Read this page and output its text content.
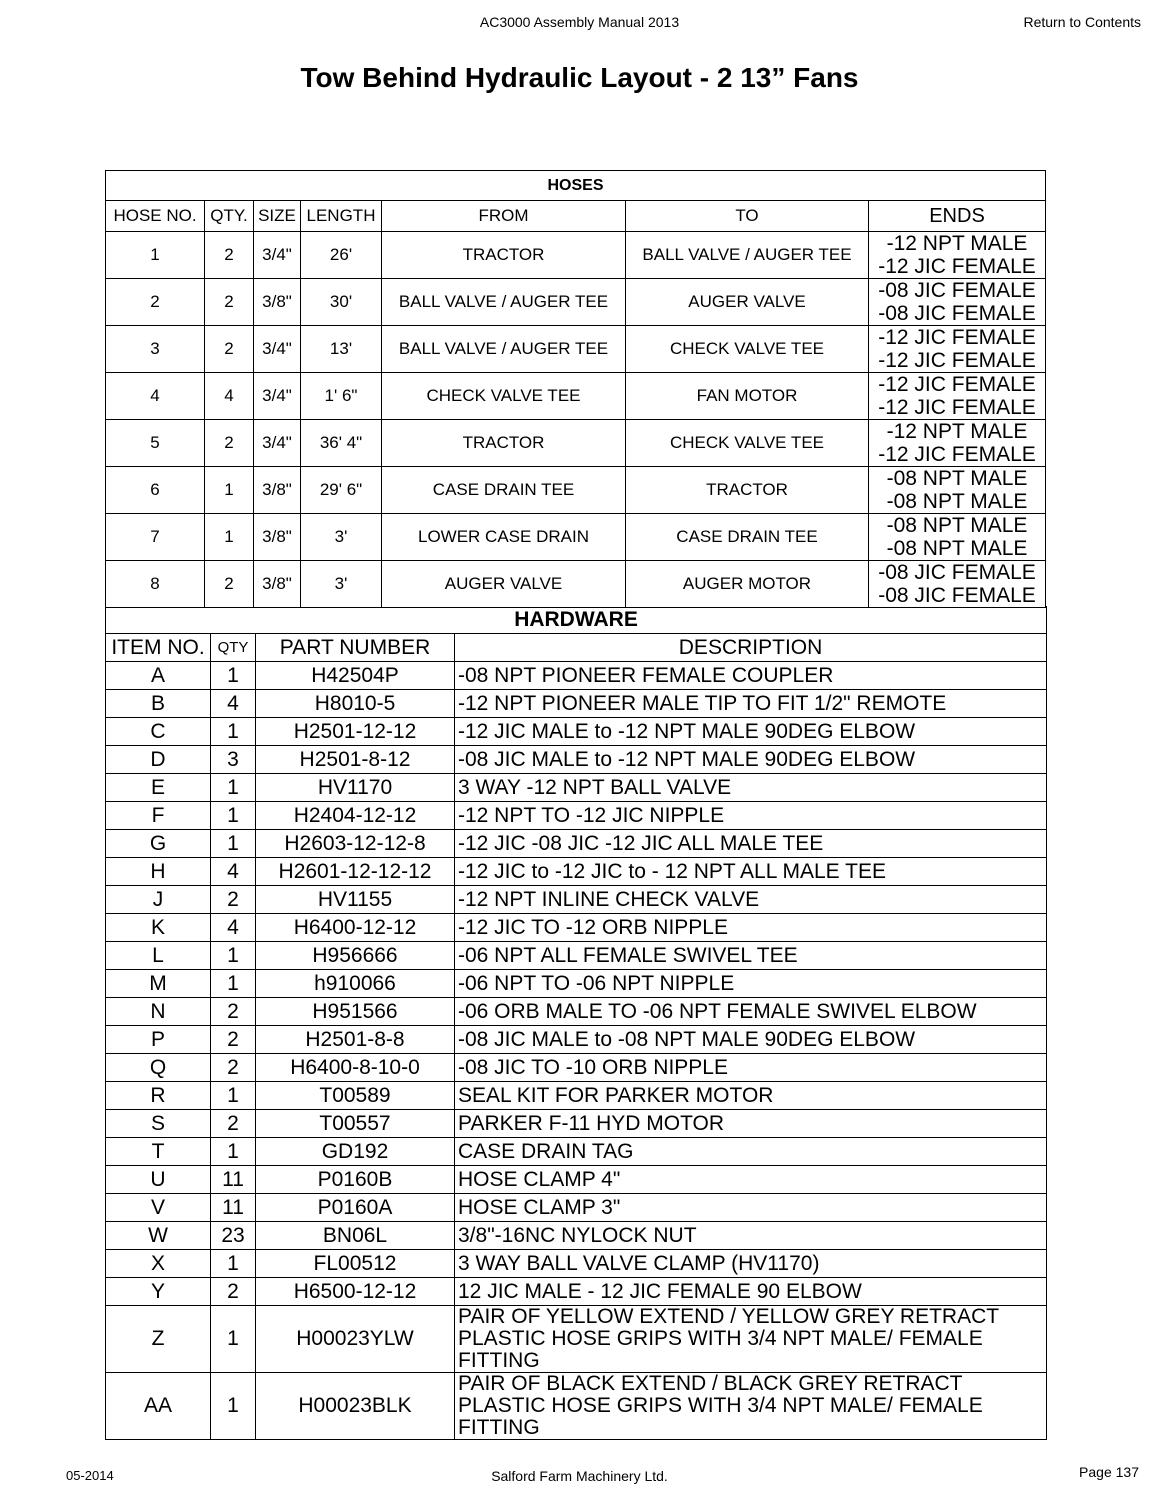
AC3000 Assembly Manual 2013	Return to Contents
Tow Behind Hydraulic Layout - 2 13” Fans
HOSES						
HOSE NO.	QTY.	SIZE	LENGTH	FROM	TO	ENDS
1	2	3/4"	26'	TRACTOR	BALL VALVE / AUGER TEE	-12 NPT MALE
-12 JIC FEMALE

2	2	3/8"	30'	BALL VALVE / AUGER TEE	AUGER VALVE	-08 JIC FEMALE
-08 JIC FEMALE

3	2	3/4"	13'	BALL VALVE / AUGER TEE	CHECK VALVE TEE	-12 JIC FEMALE
-12 JIC FEMALE

4	4	3/4"	1' 6"	CHECK VALVE TEE	FAN MOTOR	-12 JIC FEMALE
-12 JIC FEMALE

5	2	3/4"	36' 4"	TRACTOR	CHECK VALVE TEE	-12 NPT MALE
-12 JIC FEMALE

6	1	3/8"	29' 6"	CASE DRAIN TEE	TRACTOR	-08 NPT MALE
-08 NPT MALE

7	1	3/8"	3'	LOWER CASE DRAIN	CASE DRAIN TEE	-08 NPT MALE
-08 NPT MALE

8	2	3/8"	3'	AUGER VALVE	AUGER MOTOR	-08 JIC FEMALE
-08 JIC FEMALE
HARDWARE			
ITEM NO.	QTY	PART NUMBER	DESCRIPTION
A	1	H42504P	-08 NPT PIONEER FEMALE COUPLER
B	4	H8010-5	-12 NPT PIONEER MALE TIP TO FIT 1/2" REMOTE
C	1	H2501-12-12	-12 JIC MALE to -12 NPT MALE 90DEG ELBOW
D	3	H2501-8-12	-08 JIC MALE to -12 NPT MALE 90DEG ELBOW
E	1	HV1170	3 WAY -12 NPT BALL VALVE
F	1	H2404-12-12	-12 NPT TO -12 JIC NIPPLE
G	1	H2603-12-12-8	-12 JIC -08 JIC -12 JIC ALL MALE TEE
H	4	H2601-12-12-12	-12 JIC to -12 JIC to - 12 NPT ALL MALE TEE
J	2	HV1155	-12 NPT INLINE CHECK VALVE
K	4	H6400-12-12	-12 JIC TO -12 ORB NIPPLE
L	1	H956666	-06 NPT ALL FEMALE SWIVEL TEE
M	1	h910066	-06 NPT TO -06 NPT NIPPLE
N	2	H951566	-06 ORB MALE TO -06 NPT FEMALE SWIVEL ELBOW
P	2	H2501-8-8	-08 JIC MALE to -08 NPT MALE 90DEG ELBOW
Q	2	H6400-8-10-0	-08 JIC TO -10 ORB NIPPLE
R	1	T00589	SEAL KIT FOR PARKER MOTOR
S	2	T00557	PARKER F-11 HYD MOTOR
T	1	GD192	CASE DRAIN TAG
U	11	P0160B	HOSE CLAMP 4"
V	11	P0160A	HOSE CLAMP 3"
W	23	BN06L	3/8"-16NC NYLOCK NUT
X	1	FL00512	3 WAY BALL VALVE CLAMP (HV1170)
Y	2	H6500-12-12	12 JIC MALE - 12 JIC FEMALE 90 ELBOW
Z	1	H00023YLW	PAIR OF YELLOW EXTEND / YELLOW GREY RETRACT PLASTIC HOSE GRIPS WITH 3/4 NPT MALE/ FEMALE FITTING
AA	1	H00023BLK	PAIR OF BLACK EXTEND / BLACK GREY RETRACT PLASTIC HOSE GRIPS WITH 3/4 NPT MALE/ FEMALE FITTING
05-2014	Salford Farm Machinery Ltd.	Page 137
